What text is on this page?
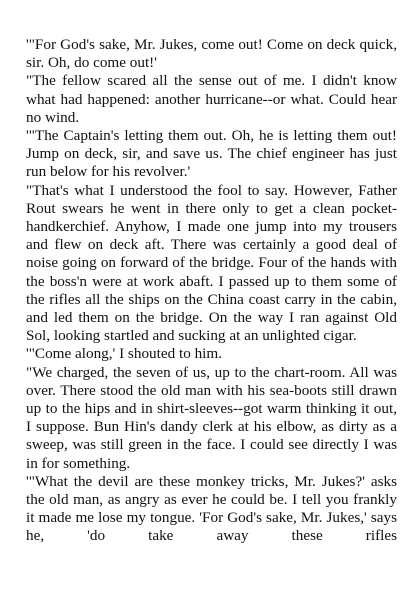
'"For God's sake, Mr. Jukes, come out! Come on deck quick, sir. Oh, do come out!'

"The fellow scared all the sense out of me. I didn't know what had happened: another hurricane--or what. Could hear no wind.

'"The Captain's letting them out. Oh, he is letting them out! Jump on deck, sir, and save us. The chief engineer has just run below for his revolver.'

"That's what I understood the fool to say. However, Father Rout swears he went in there only to get a clean pocket-handkerchief. Anyhow, I made one jump into my trousers and flew on deck aft. There was certainly a good deal of noise going on forward of the bridge. Four of the hands with the boss'n were at work abaft. I passed up to them some of the rifles all the ships on the China coast carry in the cabin, and led them on the bridge. On the way I ran against Old Sol, looking startled and sucking at an unlighted cigar.

'"Come along,' I shouted to him.

"We charged, the seven of us, up to the chart-room. All was over. There stood the old man with his sea-boots still drawn up to the hips and in shirt-sleeves--got warm thinking it out, I suppose. Bun Hin's dandy clerk at his elbow, as dirty as a sweep, was still green in the face. I could see directly I was in for something.

'"What the devil are these monkey tricks, Mr. Jukes?' asks the old man, as angry as ever he could be. I tell you frankly it made me lose my tongue. 'For God's sake, Mr. Jukes,' says he, 'do take away these rifles
